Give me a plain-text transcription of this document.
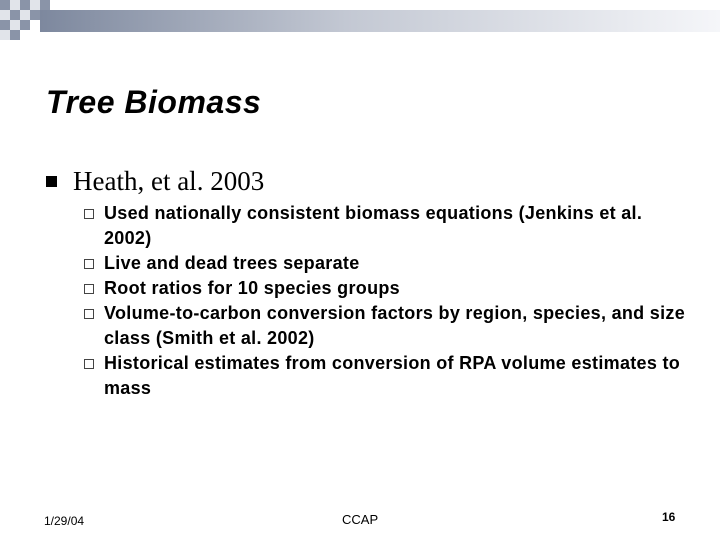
Tree Biomass
Heath, et al. 2003
Used nationally consistent biomass equations (Jenkins et al. 2002)
Live and dead trees separate
Root ratios for 10 species groups
Volume-to-carbon conversion factors by region, species, and size class (Smith et al. 2002)
Historical estimates from conversion of RPA volume estimates to mass
1/29/04	CCAP	16
